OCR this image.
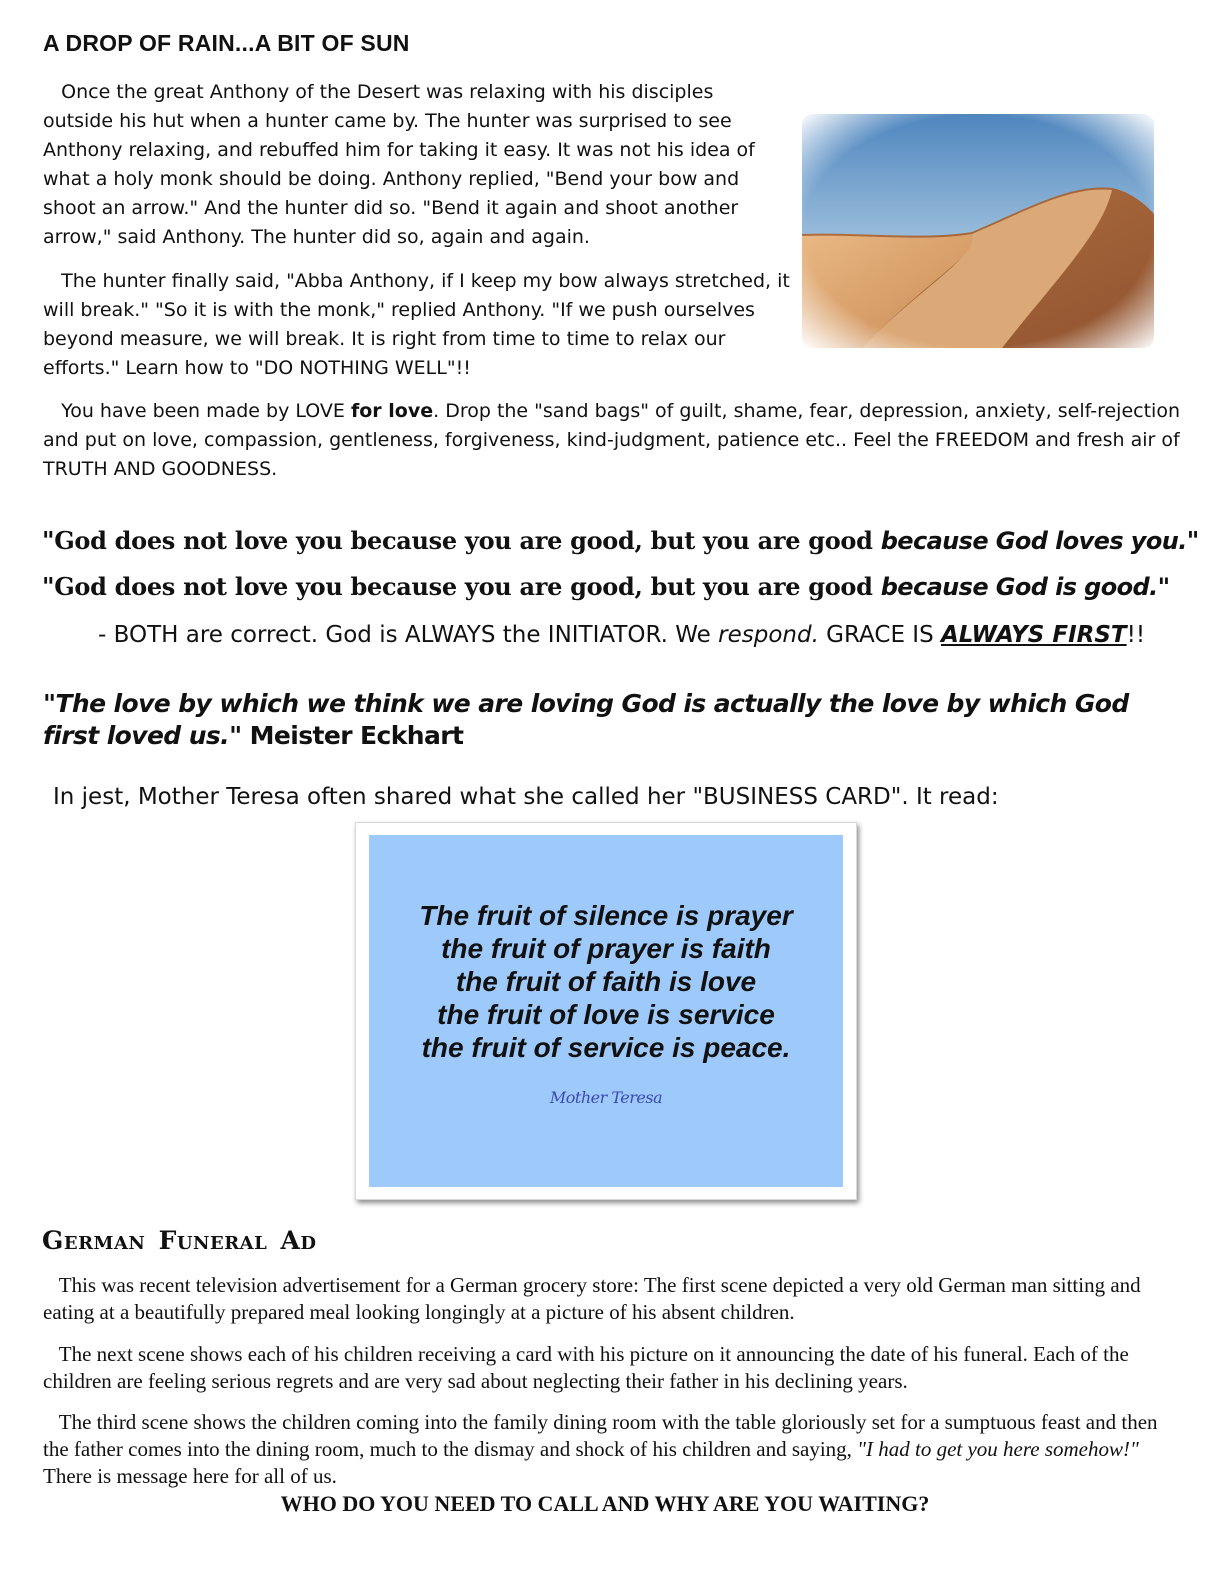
A DROP OF RAIN...A BIT OF SUN

Once the great Anthony of the Desert was relaxing with his disciples outside his hut when a hunter came by. The hunter was surprised to see Anthony relaxing, and rebuffed him for taking it easy. It was not his idea of what a holy monk should be doing. Anthony replied, "Bend your bow and shoot an arrow." And the hunter did so. "Bend it again and shoot another arrow," said Anthony. The hunter did so, again and again.

The hunter finally said, "Abba Anthony, if I keep my bow always stretched, it will break." "So it is with the monk," replied Anthony. "If we push ourselves beyond measure, we will break. It is right from time to time to relax our efforts." Learn how to "DO NOTHING WELL"!!

You have been made by LOVE for love. Drop the "sand bags" of guilt, shame, fear, depression, anxiety, self-rejection and put on love, compassion, gentleness, forgiveness, kind-judgment, patience etc.. Feel the FREEDOM and fresh air of TRUTH AND GOODNESS.

"God does not love you because you are good, but you are good because God loves you."

"God does not love you because you are good, but you are good because God is good."

- BOTH are correct. God is ALWAYS the INITIATOR. We respond. GRACE IS ALWAYS FIRST!!

"The love by which we think we are loving God is actually the love by which God first loved us." Meister Eckhart

In jest, Mother Teresa often shared what she called her "BUSINESS CARD". It read:

The fruit of silence is prayer
the fruit of prayer is faith
the fruit of faith is love
the fruit of love is service
the fruit of service is peace.
Mother Teresa
German Funeral Ad

This was recent television advertisement for a German grocery store: The first scene depicted a very old German man sitting and eating at a beautifully prepared meal looking longingly at a picture of his absent children.

The next scene shows each of his children receiving a card with his picture on it announcing the date of his funeral. Each of the children are feeling serious regrets and are very sad about neglecting their father in his declining years.

The third scene shows the children coming into the family dining room with the table gloriously set for a sumptuous feast and then the father comes into the dining room, much to the dismay and shock of his children and saying, "I had to get you here somehow!" There is message here for all of us.

WHO DO YOU NEED TO CALL AND WHY ARE YOU WAITING?
